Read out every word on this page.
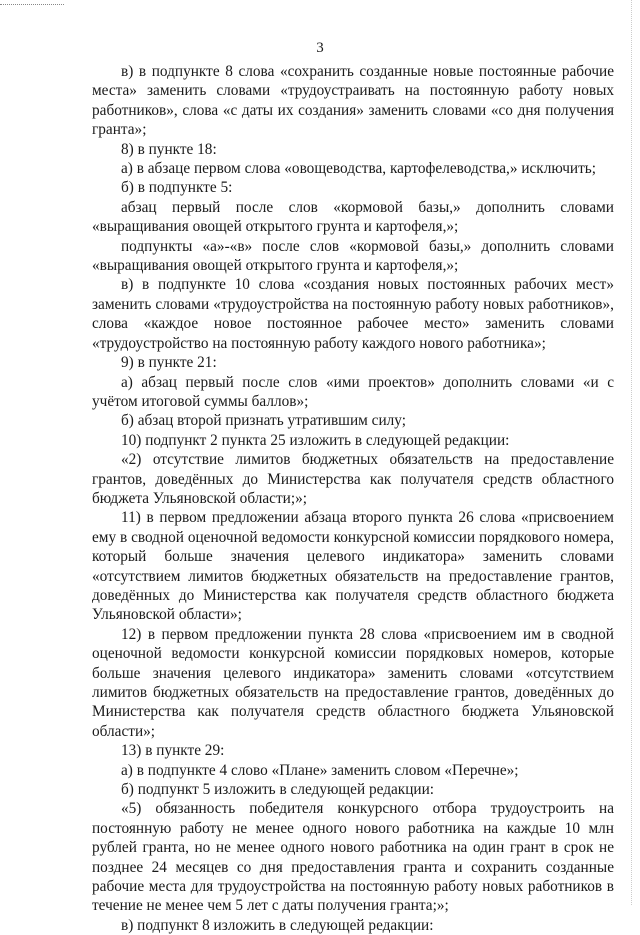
3

в) в подпункте 8 слова «сохранить созданные новые постоянные рабочие места» заменить словами «трудоустраивать на постоянную работу новых работников», слова «с даты их создания» заменить словами «со дня получения гранта»;

8) в пункте 18:

а) в абзаце первом слова «овощеводства, картофелеводства,» исключить;

б) в подпункте 5:

абзац первый после слов «кормовой базы,» дополнить словами «выращивания овощей открытого грунта и картофеля,»;

подпункты «а»-«в» после слов «кормовой базы,» дополнить словами «выращивания овощей открытого грунта и картофеля,»;

в) в подпункте 10 слова «создания новых постоянных рабочих мест» заменить словами «трудоустройства на постоянную работу новых работников», слова «каждое новое постоянное рабочее место» заменить словами «трудоустройство на постоянную работу каждого нового работника»;

9) в пункте 21:

а) абзац первый после слов «ими проектов» дополнить словами «и с учётом итоговой суммы баллов»;

б) абзац второй признать утратившим силу;

10) подпункт 2 пункта 25 изложить в следующей редакции:

«2) отсутствие лимитов бюджетных обязательств на предоставление грантов, доведённых до Министерства как получателя средств областного бюджета Ульяновской области;»;

11) в первом предложении абзаца второго пункта 26 слова «присвоением ему в сводной оценочной ведомости конкурсной комиссии порядкового номера, который больше значения целевого индикатора» заменить словами «отсутствием лимитов бюджетных обязательств на предоставление грантов, доведённых до Министерства как получателя средств областного бюджета Ульяновской области»;

12) в первом предложении пункта 28 слова «присвоением им в сводной оценочной ведомости конкурсной комиссии порядковых номеров, которые больше значения целевого индикатора» заменить словами «отсутствием лимитов бюджетных обязательств на предоставление грантов, доведённых до Министерства как получателя средств областного бюджета Ульяновской области»;

13) в пункте 29:

а) в подпункте 4 слово «Плане» заменить словом «Перечне»;

б) подпункт 5 изложить в следующей редакции:

«5) обязанность победителя конкурсного отбора трудоустроить на постоянную работу не менее одного нового работника на каждые 10 млн рублей гранта, но не менее одного нового работника на один грант в срок не позднее 24 месяцев со дня предоставления гранта и сохранить созданные рабочие места для трудоустройства на постоянную работу новых работников в течение не менее чем 5 лет с даты получения гранта;»;

в) подпункт 8 изложить в следующей редакции:
